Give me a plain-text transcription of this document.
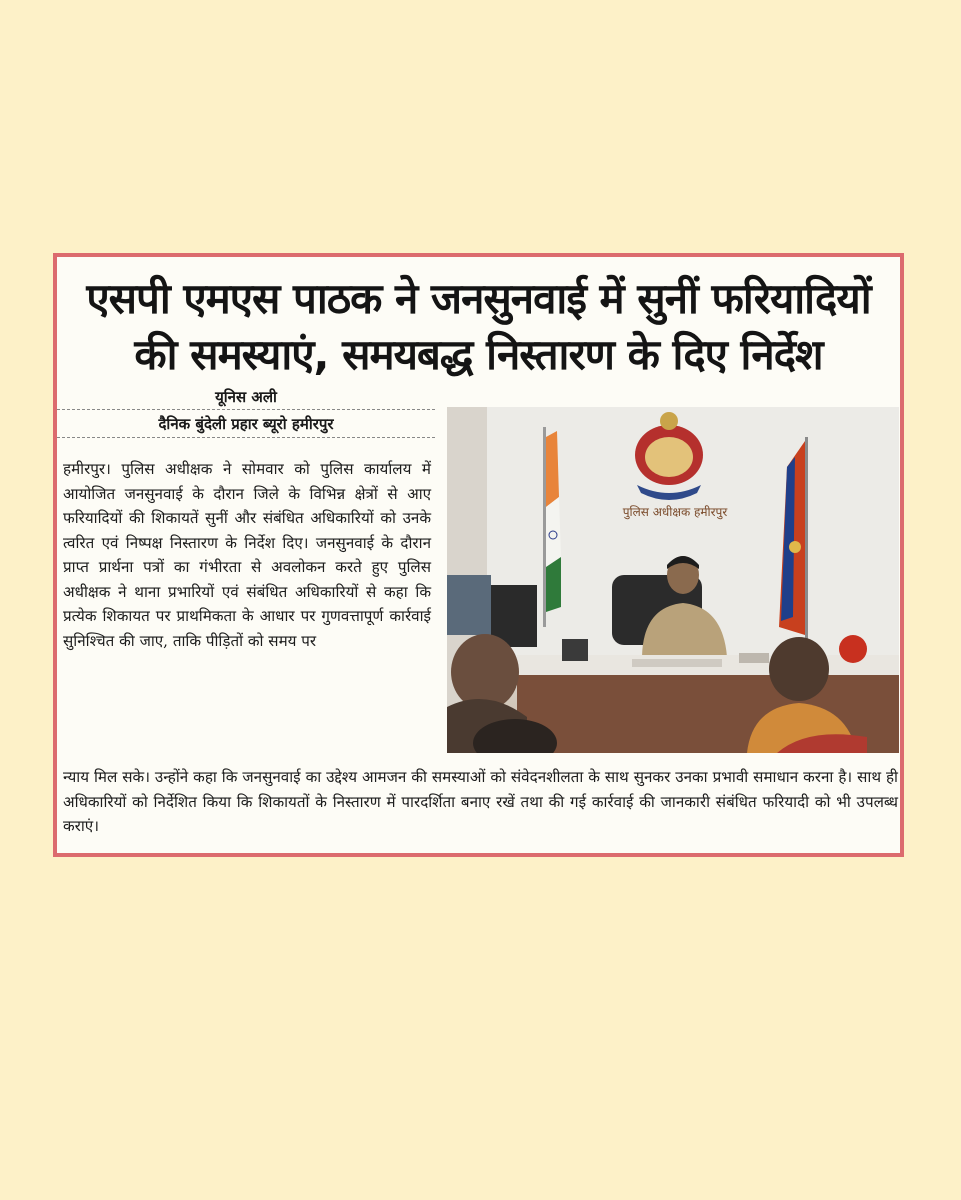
एसपी एमएस पाठक ने जनसुनवाई में सुनीं फरियादियों
की समस्याएं, समयबद्ध निस्तारण के दिए निर्देश
यूनिस अली
दैनिक बुंदेली प्रहार ब्यूरो हमीरपुर
हमीरपुर। पुलिस अधीक्षक ने सोमवार को पुलिस कार्यालय में आयोजित जनसुनवाई के दौरान जिले के विभिन्न क्षेत्रों से आए फरियादियों की शिकायतें सुनीं और संबंधित अधिकारियों को उनके त्वरित एवं निष्पक्ष निस्तारण के निर्देश दिए। जनसुनवाई के दौरान प्राप्त प्रार्थना पत्रों का गंभीरता से अवलोकन करते हुए पुलिस अधीक्षक ने थाना प्रभारियों एवं संबंधित अधिकारियों से कहा कि प्रत्येक शिकायत पर प्राथमिकता के आधार पर गुणवत्तापूर्ण कार्रवाई सुनिश्चित की जाए, ताकि पीड़ितों को समय पर
पुलिस अधीक्षक हमीरपुर
न्याय मिल सके। उन्होंने कहा कि जनसुनवाई का उद्देश्य आमजन की समस्याओं को संवेदनशीलता के साथ सुनकर उनका प्रभावी समाधान करना है। साथ ही अधिकारियों को निर्देशित किया कि शिकायतों के निस्तारण में पारदर्शिता बनाए रखें तथा की गई कार्रवाई की जानकारी संबंधित फरियादी को भी उपलब्ध कराएं।
